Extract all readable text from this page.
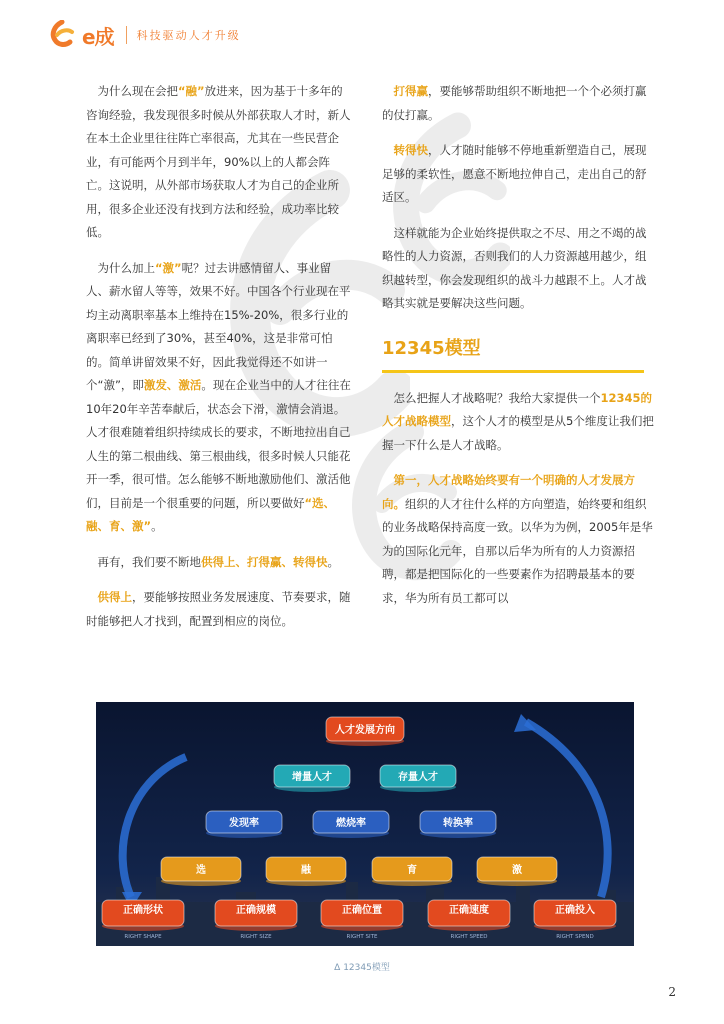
e成 科技驱动人才升级

 为什么现在会把“融”放进来，因为基于十多年的咨询经验，我发现很多时候从外部获取人才时，新人在本土企业里往往阵亡率很高，尤其在一些民营企业，有可能两个月到半年，90%以上的人都会阵亡。这说明，从外部市场获取人才为自己的企业所用，很多企业还没有找到方法和经验，成功率比较低。

 为什么加上“激”呢？过去讲感情留人、事业留人、薪水留人等等，效果不好。中国各个行业现在平均主动离职率基本上维持在15%-20%，很多行业的离职率已经到了30%，甚至40%，这是非常可怕的。简单讲留效果不好，因此我觉得还不如讲一个“激”，即激发、激活。现在企业当中的人才往往在10年20年辛苦奉献后，状态会下滑，激情会消退。人才很难随着组织持续成长的要求，不断地拉出自己人生的第二根曲线、第三根曲线，很多时候人只能花开一季，很可惜。怎么能够不断地激励他们、激活他们，目前是一个很重要的问题，所以要做好“选、融、育、激”。

 再有，我们要不断地供得上、打得赢、转得快。

 供得上，要能够按照业务发展速度、节奏要求，随时能够把人才找到，配置到相应的岗位。

 打得赢，要能够帮助组织不断地把一个个必须打赢的仗打赢。

 转得快，人才随时能够不停地重新塑造自己，展现足够的柔软性，愿意不断地拉伸自己，走出自己的舒适区。

 这样就能为企业始终提供取之不尽、用之不竭的战略性的人力资源，否则我们的人力资源越用越少，组织越转型，你会发现组织的战斗力越跟不上。人才战略其实就是要解决这些问题。

12345模型

 怎么把握人才战略呢？我给大家提供一个12345的人才战略模型，这个人才的模型是从5个维度让我们把握一下什么是人才战略。

 第一，人才战略始终要有一个明确的人才发展方向。组织的人才往什么样的方向塑造，始终要和组织的业务战略保持高度一致。以华为为例，2005年是华为的国际化元年，自那以后华为所有的人力资源招聘，都是把国际化的一些要素作为招聘最基本的要求，华为所有员工都可以

人才发展方向
增量人才	存量人才
发现率	燃烧率	转换率
选	融	育	激
正确形状
RIGHT SHAPE
正确规模
RIGHT SIZE
正确位置
RIGHT SITE
正确速度
RIGHT SPEED
正确投入
RIGHT SPEND
Δ 12345模型
2
